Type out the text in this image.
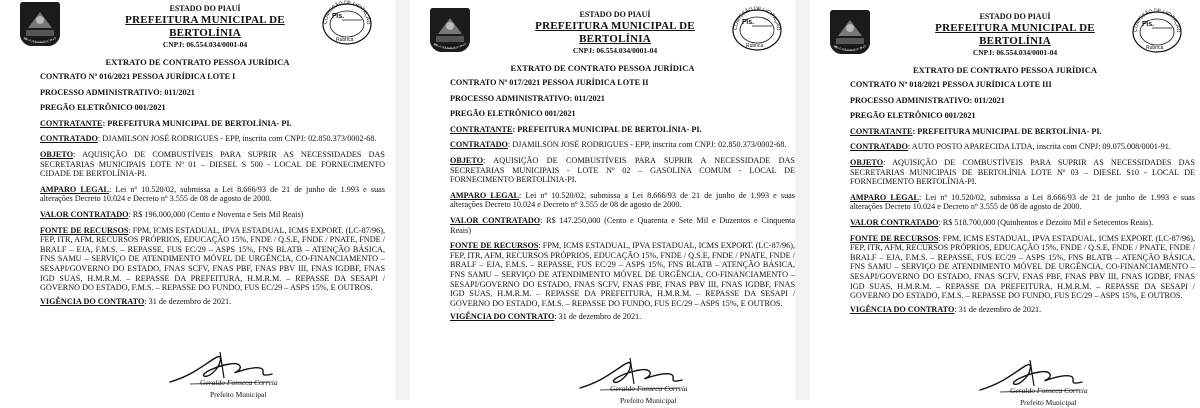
Bertolínia-PI
ESTADO DO PIAUÍ
PREFEITURA MUNICIPAL DE BERTOLÍNIA
CNPJ: 06.554.034/0001-04
COMISSÃO DE LICITAÇÃO
Fls.
Rubrica
EXTRATO DE CONTRATO PESSOA JURÍDICA
CONTRATO Nº 016/2021 PESSOA JURÍDICA LOTE I
PROCESSO ADMINISTRATIVO: 011/2021
PREGÃO ELETRÔNICO 001/2021
CONTRATANTE: PREFEITURA MUNICIPAL DE BERTOLÍNIA- PI.
CONTRATADO: DJAMILSON JOSÉ RODRIGUES - EPP, inscrita com CNPJ: 02.850.373/0002-68.
OBJETO: AQUISIÇÃO DE COMBUSTÍVEIS PARA SUPRIR AS NECESSIDADES DAS SECRETARIAS MUNICIPAIS LOTE Nº 01 – DIESEL S 500 - LOCAL DE FORNECIMENTO CIDADE DE BERTOLÍNIA-PI.
AMPARO LEGAL: Lei nº 10.520/02, submissa a Lei 8.666/93 de 21 de junho de 1.993 e suas alterações Decreto 10.024 e Decreto nº 3.555 de 08 de agosto de 2000.
VALOR CONTRATADO: R$ 196.000,000 (Cento e Noventa e Seis Mil Reais)
FONTE DE RECURSOS: FPM, ICMS ESTADUAL, IPVA ESTADUAL, ICMS EXPORT. (LC-87/96), FEP, ITR, AFM, RECURSOS PRÓPRIOS, EDUCAÇÃO 15%, FNDE / Q.S.E, FNDE / PNATE, FNDE / BRALF – EJA, F.M.S. – REPASSE, FUS EC/29 – ASPS 15%, FNS BLATB – ATENÇÃO BÁSICA, FNS SAMU – SERVIÇO DE ATENDIMENTO MÓVEL DE URGÊNCIA, CO-FINANCIAMENTO – SESAPI/GOVERNO DO ESTADO, FNAS SCFV, FNAS PBF, FNAS PBV III, FNAS IGDBF, FNAS IGD SUAS, H.M.R.M. – REPASSE DA PREFEITURA, H.M.R.M. – REPASSE DA SESAPI / GOVERNO DO ESTADO, F.M.S. – REPASSE DO FUNDO, FUS EC/29 – ASPS 15%, E OUTROS.
VIGÊNCIA DO CONTRATO: 31 de dezembro de 2021.
Geraldo Fonseca Correia
Prefeito Municipal
Bertolínia-PI
ESTADO DO PIAUÍ
PREFEITURA MUNICIPAL DE BERTOLÍNIA
CNPJ: 06.554.034/0001-04
COMISSÃO DE LICITAÇÃO
Fls.
Rubrica
EXTRATO DE CONTRATO PESSOA JURÍDICA
CONTRATO Nº 017/2021 PESSOA JURÍDICA LOTE II
PROCESSO ADMINISTRATIVO: 011/2021
PREGÃO ELETRÔNICO 001/2021
CONTRATANTE: PREFEITURA MUNICIPAL DE BERTOLÍNIA- PI.
CONTRATADO: DJAMILSON JOSÉ RODRIGUES - EPP, inscrita com CNPJ: 02.850.373/0002-68.
OBJETO: AQUISIÇÃO DE COMBUSTÍVEIS PARA SUPRIR A NECESSIDADE DAS SECRETARIAS MUNICIPAIS - LOTE Nº 02 – GASOLINA COMUM - LOCAL DE FORNECIMENTO BERTOLÍNIA-PI.
AMPARO LEGAL: Lei nº 10.520/02, submissa a Lei 8.666/93 de 21 de junho de 1.993 e suas alterações Decreto 10.024 e Decreto nº 3.555 de 08 de agosto de 2000.
VALOR CONTRATADO: R$ 147.250,000 (Cento e Quarenta e Sete Mil e Duzentos e Cinquenta Reais)
FONTE DE RECURSOS: FPM, ICMS ESTADUAL, IPVA ESTADUAL, ICMS EXPORT. (LC-87/96), FEP, ITR, AFM, RECURSOS PRÓPRIOS, EDUCAÇÃO 15%, FNDE / Q.S.E, FNDE / PNATE, FNDE / BRALF – EJA, F.M.S. – REPASSE, FUS EC/29 – ASPS 15%, FNS BLATB – ATENÇÃO BÁSICA, FNS SAMU – SERVIÇO DE ATENDIMENTO MÓVEL DE URGÊNCIA, CO-FINANCIAMENTO – SESAPI/GOVERNO DO ESTADO, FNAS SCFV, FNAS PBF, FNAS PBV III, FNAS IGDBF, FNAS IGD SUAS, H.M.R.M. – REPASSE DA PREFEITURA, H.M.R.M. – REPASSE DA SESAPI / GOVERNO DO ESTADO, F.M.S. – REPASSE DO FUNDO, FUS EC/29 – ASPS 15%, E OUTROS.
VIGÊNCIA DO CONTRATO: 31 de dezembro de 2021.
Geraldo Fonseca Correia
Prefeito Municipal
Bertolínia-PI
ESTADO DO PIAUÍ
PREFEITURA MUNICIPAL DE BERTOLÍNIA
CNPJ: 06.554.034/0001-04
COMISSÃO DE LICITAÇÃO
Fls.
Rubrica
EXTRATO DE CONTRATO PESSOA JURÍDICA
CONTRATO Nº 018/2021 PESSOA JURÍDICA LOTE III
PROCESSO ADMINISTRATIVO: 011/2021
PREGÃO ELETRÔNICO 001/2021
CONTRATANTE: PREFEITURA MUNICIPAL DE BERTOLÍNIA- PI.
CONTRATADO: AUTO POSTO APARECIDA LTDA, inscrita com CNPJ: 09.075.008/0001-91.
OBJETO: AQUISIÇÃO DE COMBUSTÍVEIS PARA SUPRIR AS NECESSIDADES DAS SECRETARIAS MUNICIPAIS DE BERTOLÍNIA LOTE Nº 03 – DIESEL S10 - LOCAL DE FORNECIMENTO BERTOLÍNIA-PI.
AMPARO LEGAL: Lei nº 10.520/02, submissa a Lei 8.666/93 de 21 de junho de 1.993 e suas alterações Decreto 10.024 e Decreto nº 3.555 de 08 de agosto de 2000.
VALOR CONTRATADO: R$ 518.700,000 (Quinhentos e Dezoito Mil e Setecentos Reais).
FONTE DE RECURSOS: FPM, ICMS ESTADUAL, IPVA ESTADUAL, ICMS EXPORT. (LC-87/96), FEP, ITR, AFM, RECURSOS PRÓPRIOS, EDUCAÇÃO 15%, FNDE / Q.S.E, FNDE / PNATE, FNDE / BRALF – EJA, F.M.S. – REPASSE, FUS EC/29 – ASPS 15%, FNS BLATB – ATENÇÃO BÁSICA, FNS SAMU – SERVIÇO DE ATENDIMENTO MÓVEL DE URGÊNCIA, CO-FINANCIAMENTO – SESAPI/GOVERNO DO ESTADO, FNAS SCFV, FNAS PBF, FNAS PBV III, FNAS IGDBF, FNAS IGD SUAS, H.M.R.M. – REPASSE DA PREFEITURA, H.M.R.M. – REPASSE DA SESAPI / GOVERNO DO ESTADO, F.M.S. – REPASSE DO FUNDO, FUS EC/29 – ASPS 15%, E OUTROS.
VIGÊNCIA DO CONTRATO: 31 de dezembro de 2021.
Geraldo Fonseca Correia
Prefeito Municipal
